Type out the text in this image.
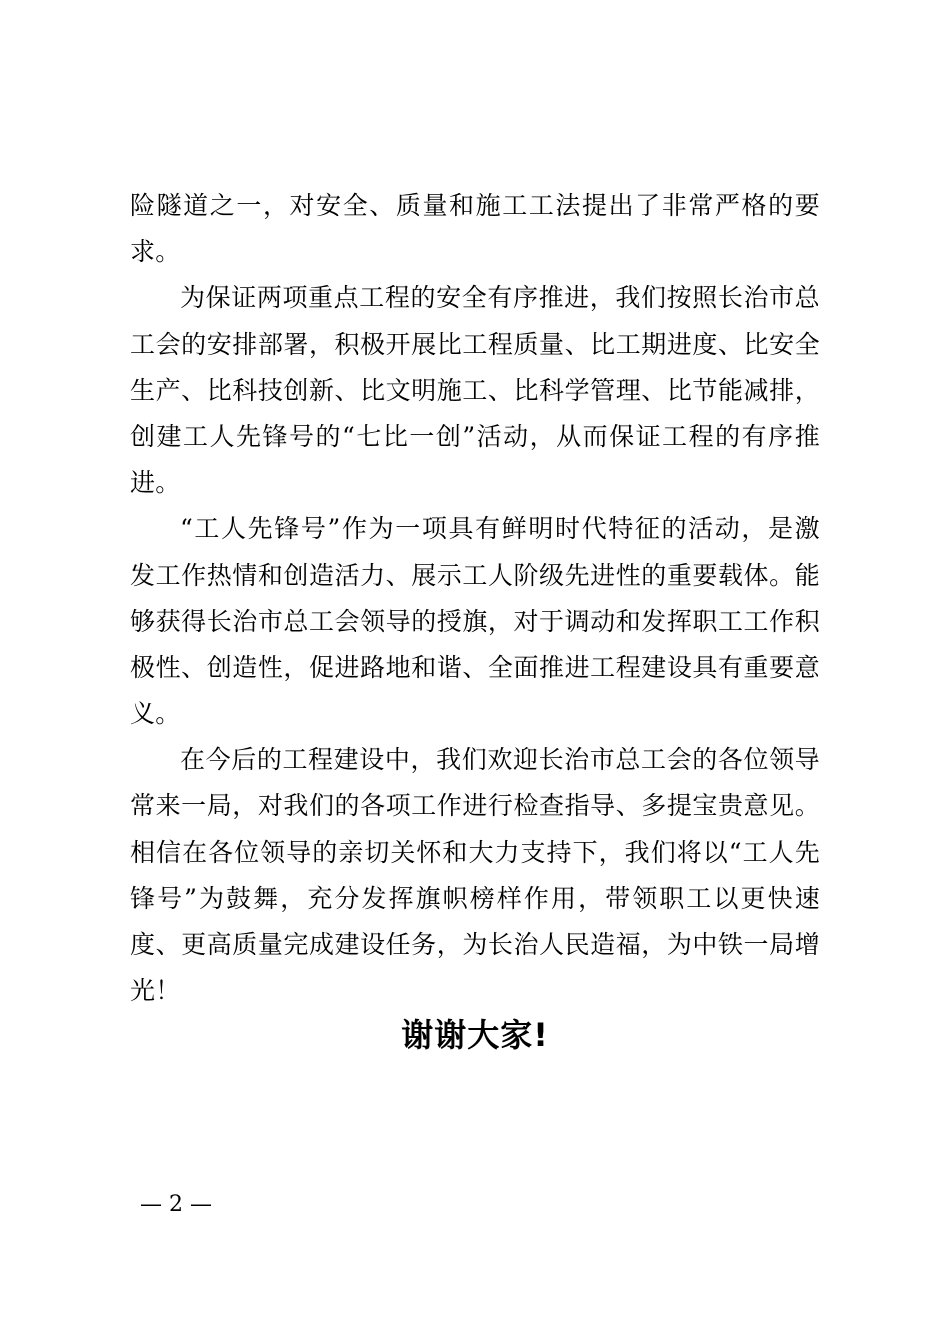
险隧道之一，对安全、质量和施工工法提出了非常严格的要
求。
为保证两项重点工程的安全有序推进，我们按照长治市总
工会的安排部署，积极开展比工程质量、比工期进度、比安全
生产、比科技创新、比文明施工、比科学管理、比节能减排，
创建工人先锋号的“七比一创”活动，从而保证工程的有序推
进。
“工人先锋号”作为一项具有鲜明时代特征的活动，是激
发工作热情和创造活力、展示工人阶级先进性的重要载体。能
够获得长治市总工会领导的授旗，对于调动和发挥职工工作积
极性、创造性，促进路地和谐、全面推进工程建设具有重要意
义。
在今后的工程建设中，我们欢迎长治市总工会的各位领导
常来一局，对我们的各项工作进行检查指导、多提宝贵意见。
相信在各位领导的亲切关怀和大力支持下，我们将以“工人先
锋号”为鼓舞，充分发挥旗帜榜样作用，带领职工以更快速
度、更高质量完成建设任务，为长治人民造福，为中铁一局增
光！
谢谢大家!
— 2 —
